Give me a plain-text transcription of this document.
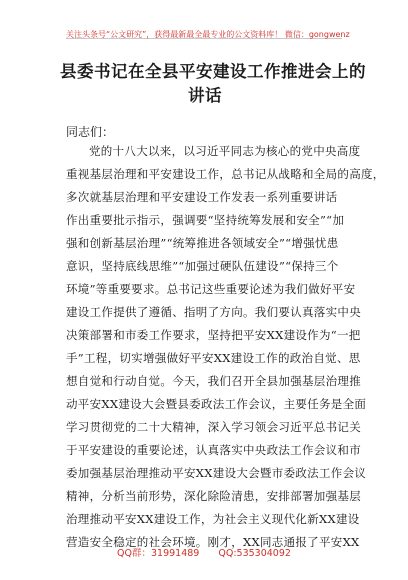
关注头条号“公文研究”，获得最新最全最专业的公文资料库！ 微信：gongwenz
县委书记在全县平安建设工作推进会上的
讲话

同志们：

党的十八大以来，以习近平同志为核心的党中央高度
重视基层治理和平安建设工作，总书记从战略和全局的高度，
多次就基层治理和平安建设工作发表一系列重要讲话
作出重要批示指示，强调要“坚持统筹发展和安全”“加
强和创新基层治理”“统筹推进各领域安全”“增强忧患
意识，坚持底线思维”“加强过硬队伍建设”“保持三个
环境”等重要要求。总书记这些重要论述为我们做好平安
建设工作提供了遵循、指明了方向。我们要认真落实中央
决策部署和市委工作要求，坚持把平安XX建设作为“一把
手”工程，切实增强做好平安XX建设工作的政治自觉、思
想自觉和行动自觉。今天，我们召开全县加强基层治理推
动平安XX建设大会暨县委政法工作会议，主要任务是全面
学习贯彻党的二十大精神，深入学习领会习近平总书记关
于平安建设的重要论述，认真落实中央政法工作会议和市
委加强基层治理推动平安XX建设大会暨市委政法工作会议
精神，分析当前形势，深化除险清患，安排部署加强基层
治理推动平安XX建设工作，为社会主义现代化新XX建设
营造安全稳定的社会环境。刚才，XX同志通报了平安XX
QQ群：31991489 QQ:535304092
